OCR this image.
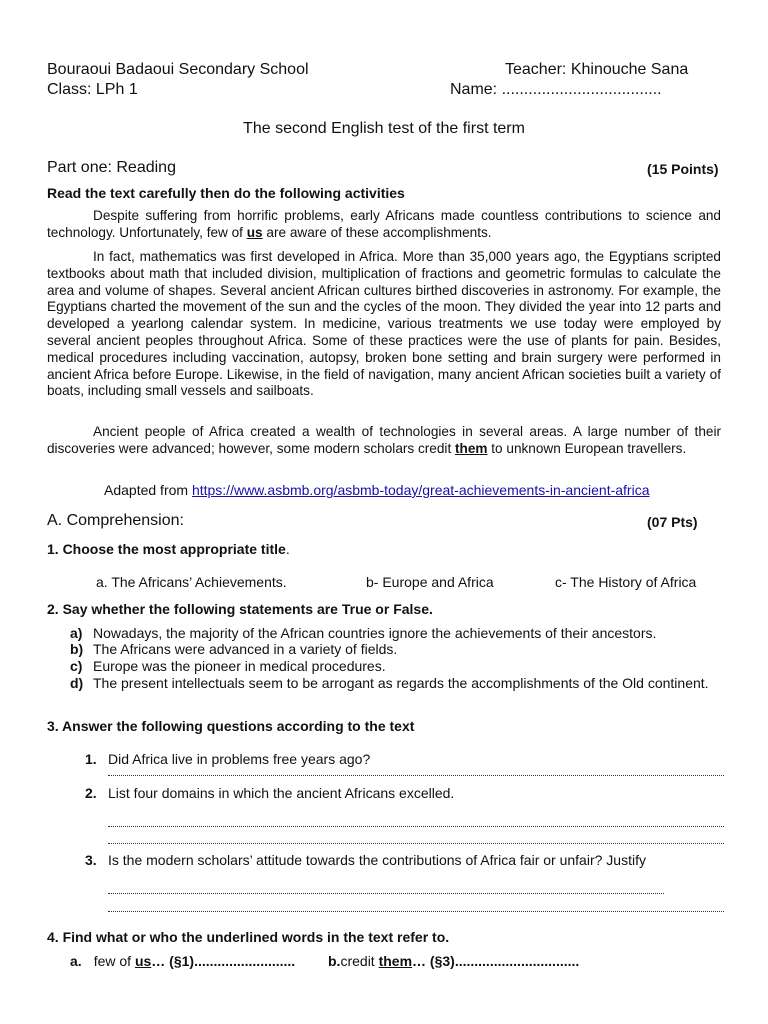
Bouraoui Badaoui Secondary School	Teacher: Khinouche Sana
Class: LPh 1	Name: ....................................
The second English test of the first term
Part one: Reading	(15 Points)
Read the text carefully then do the following activities
Despite suffering from horrific problems, early Africans made countless contributions to science and technology. Unfortunately, few of us are aware of these accomplishments.
In fact, mathematics was first developed in Africa. More than 35,000 years ago, the Egyptians scripted textbooks about math that included division, multiplication of fractions and geometric formulas to calculate the area and volume of shapes. Several ancient African cultures birthed discoveries in astronomy. For example, the Egyptians charted the movement of the sun and the cycles of the moon. They divided the year into 12 parts and developed a yearlong calendar system. In medicine, various treatments we use today were employed by several ancient peoples throughout Africa. Some of these practices were the use of plants for pain. Besides, medical procedures including vaccination, autopsy, broken bone setting and brain surgery were performed in ancient Africa before Europe. Likewise, in the field of navigation, many ancient African societies built a variety of boats, including small vessels and sailboats.
Ancient people of Africa created a wealth of technologies in several areas. A large number of their discoveries were advanced; however, some modern scholars credit them to unknown European travellers.
Adapted from https://www.asbmb.org/asbmb-today/great-achievements-in-ancient-africa
A. Comprehension:	(07 Pts)
1. Choose the most appropriate title.
a. The Africans’ Achievements.	b- Europe and Africa	c- The History of Africa
2. Say whether the following statements are True or False.
a) Nowadays, the majority of the African countries ignore the achievements of their ancestors.
b) The Africans were advanced in a variety of fields.
c) Europe was the pioneer in medical procedures.
d) The present intellectuals seem to be arrogant as regards the accomplishments of the Old continent.
3. Answer the following questions according to the text
1. Did Africa live in problems free years ago?
2. List four domains in which the ancient Africans excelled.
3. Is the modern scholars’ attitude towards the contributions of Africa fair or unfair? Justify
4. Find what or who the underlined words in the text refer to.
a. few of us… (§1).......................... b.credit them… (§3)................................
